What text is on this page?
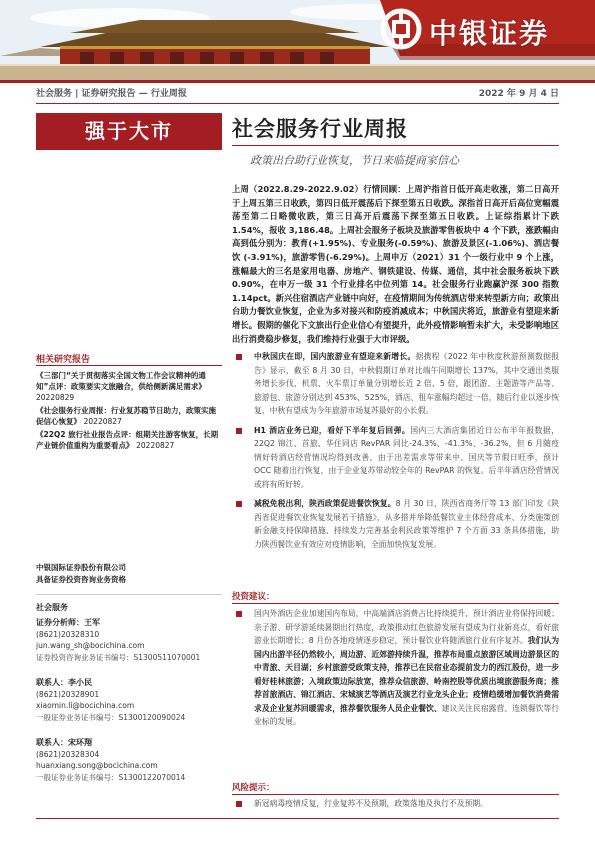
中银证券
社会服务 | 证券研究报告 — 行业周报	2022 年 9 月 4 日
强于大市
相关研究报告

《三部门“关于贯彻落实全国文物工作会议精神的通知”点评：政策要实文旅融合，供给侧新满足需求》 20220829

《社会服务行业周报：行业复苏稳节日助力，政策实施促信心恢复》 20220827

《22Q2 旅行社业报告点评：组期关注游客恢复，长期产业链价值重构为重要看点》 20220827

中银国际证券股份有限公司
具备证券投资咨询业务资格
社会服务
证券分析师：王军
(8621)20328310
jun.wang_sh@bocichina.com
证券投资咨询业务证书编号：S1300511070001
联系人：李小民
(8621)20328901
xiaomin.li@bocichina.com
一般证券业务证书编号：S1300120090024
联系人：宋环翔
(8621)20328304
huanxiang.song@bocichina.com
一般证券业务证书编号：S1300122070014
社会服务行业周报
政策出台助行业恢复，节日来临提商家信心
上周（2022.8.29-2022.9.02）行情回顾：上周沪指首日低开高走收涨，第二日高开于上周五第三日收跌，第四日低开震荡后下探至第五日收跌。深指首日高开后高位宽幅震荡至第二日略微收跌，第三日高开后震荡下探至第五日收跌。上证综指累计下跌 1.54%，报收 3,186.48。上周社会服务子板块及旅游零售板块中 4 个下跌，涨跌幅由高到低分别为：教育(+1.95%)、专业服务(-0.59%)、旅游及景区(-1.06%)、酒店餐饮 (-3.91%)，旅游零售(-6.29%)。上周申万（2021）31 个一级行业中 9 个上涨，涨幅最大的三名是家用电器、房地产、钢铁建设、传媒、通信，其中社会服务板块下跌 0.90%，在申万一级 31 个行业排名中位列第 14。社会服务行业跑赢沪深 300 指数 1.14pct。新兴住宿酒店产业链中向好，在疫情期间为传统酒店带来转型新方向；政策出台助力餐饮业恢复，企业为多对接兴和防疫消减成本；中秋国庆将近，旅游业有望迎来新增长。假期的催化下文旅出行企业信心有望提升，此外疫情影响暂未扩大，未受影响地区出行消费稳步修复，我们维持行业强于大市评级。
中秋国庆在即，国内旅游业有望迎来新增长。据携程《2022 年中秋度秋游预测数据报告》显示，截至 8 月 30 日，中秋假期订单对比端午同期增长 137%，其中交通出类服务增长步伐，机票、火车票订单量分别增长近 2 倍、5 倍，跟团游、主题游等产品等、旅游包、旅游分别达到 453%、525%，酒店、租车涨幅均超过一倍，随后行业以逐步恢复，中秋有望成为今年旅游市场复苏最好的小长假。
H1 酒店业务已迎，看好下半年复后回弹。国内三大酒店集团近日公布半年报数据，22Q2 锦江、首旅、华住同店 RevPAR 同比-24.3%、-41.3%、-36.2%，但 6 月随疫情好转酒店经营情况均得到改善，由于出差需求等带来中、国庆等节假日旺季，预计 OCC 随着出行恢复，由于企业复苏带动较全年的 RevPAR 的恢复。后半年酒店经营情况或将有所好转。
减税免税出利，陕西政策促进餐饮恢复。8 月 30 日，陕西省商务厅等 13 部门印发《陕西省促进餐饮业恢复发展若干措施》，从多措并举降低餐饮业主体经营成本、分类施策创新金融支持保障措施、持续发力完善基金利民政策等维护 7 个方面 33 条具体措施，助力陕西餐饮业有效应对疫情影响，全面加快恢复发展。
投资建议：
国内外酒店企业加速国内布局，中高端酒店消费占比持续提升，预计酒店业将保持回暖；亲子游、研学游延续暑期出行热度，政策推动红色旅游发展有望成为行业新亮点，看好旅游业长期增长；8 月份各地疫情逐步稳定，预计餐饮业将随酒旅行业有序复苏。我们认为国内出游半径仍然较小，周边游、近郊游持续升温，推荐布局重点旅游区域周边游景区的中青旅、天目湖；乡村旅游受政策支持，推荐已在民宿业态提前发力的西江股份，进一步看好桂林旅游；入境政策边际放宽，推荐众信旅游、岭南控股等优质出境旅游服务商；推荐首旅酒店、锦江酒店、宋城演艺等酒店及演艺行业龙头企业；疫情趋缓增加餐饮消费需求及企业复苏回暖需求，推荐餐饮服务人员企业餐饮、建议关注民宿露营、连锁餐饮等行业标的发展。
风险提示：
新冠病毒疫情反复，行业复苏不及预期，政策落地及执行不及预期。
